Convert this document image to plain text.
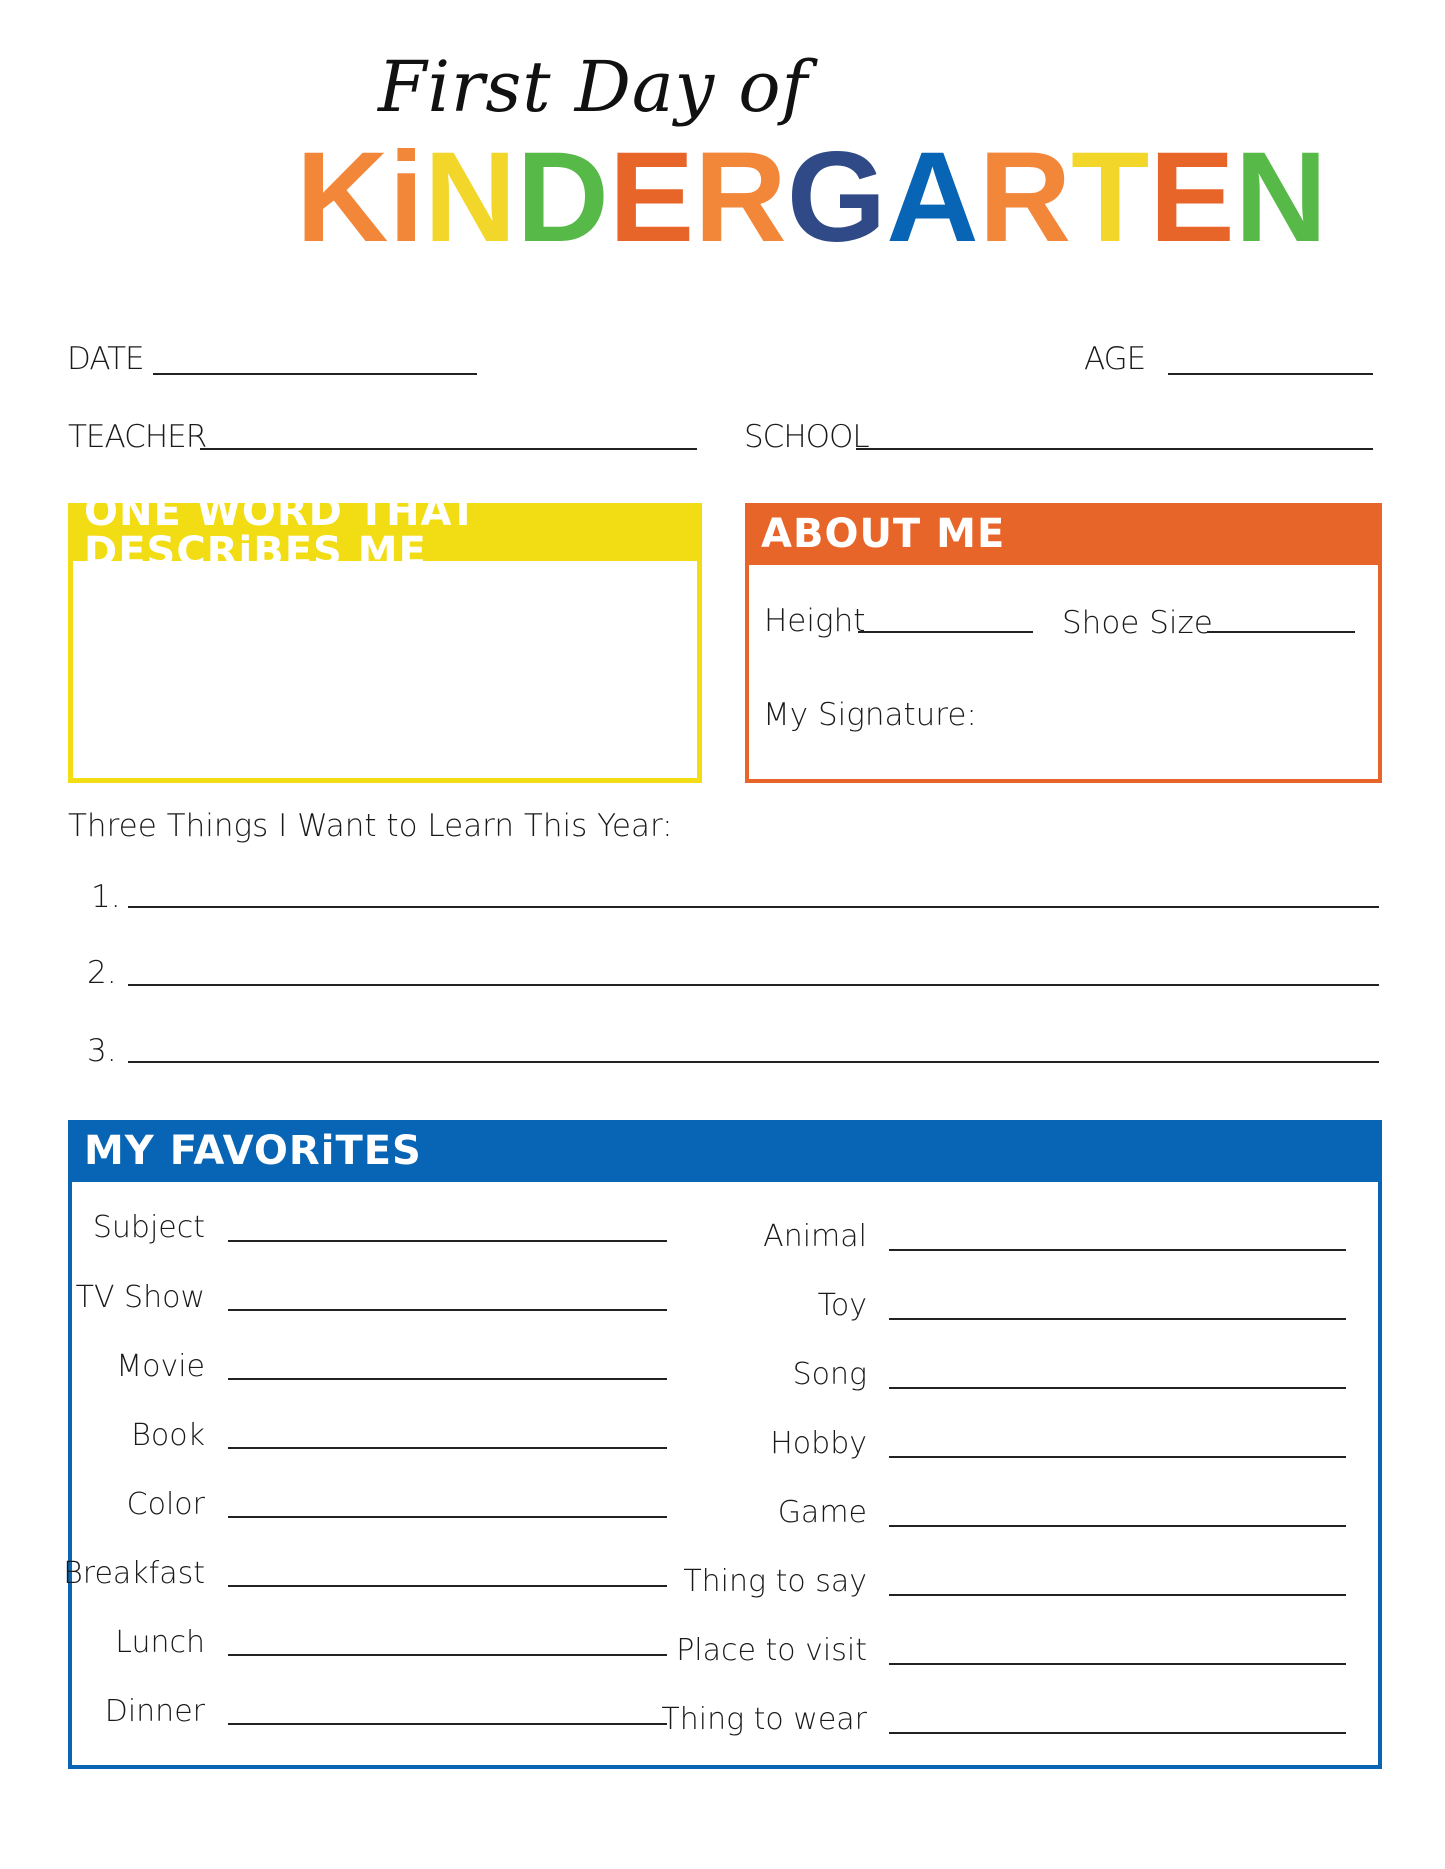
First Day of
K i N D E R G A R T E N
DATE	AGE
TEACHER	SCHOOL
ONE WORD THAT DESCRiBES ME	ABOUT ME
Height	Shoe Size
My Signature:
Three Things I Want to Learn This Year:
1.
2.
3.
MY FAVORiTES
Subject
TV Show
Movie
Book
Color
Breakfast
Lunch
Dinner
Animal
Toy
Song
Hobby
Game
Thing to say
Place to visit
Thing to wear
